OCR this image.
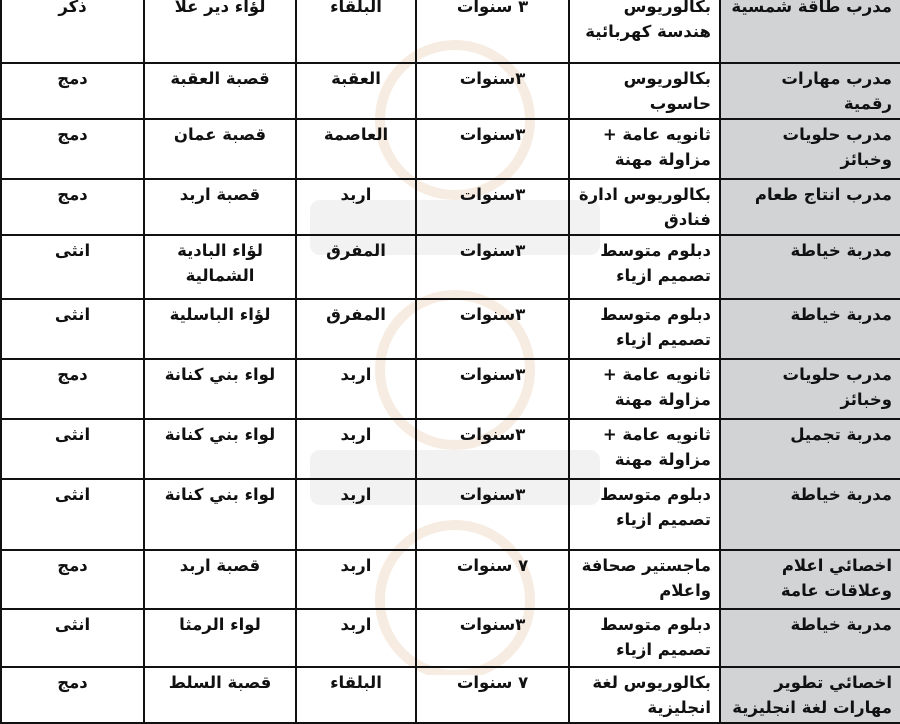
مدرب طاقة شمسية	بكالوريوس هندسة كهربائية	٣ سنوات	البلقاء	لؤاء دير علا	ذكر
مدرب مهارات رقمية	بكالوريوس حاسوب	٣سنوات	العقبة	قصبة العقبة	دمج
مدرب حلويات وخبائز	ثانويه عامة + مزاولة مهنة	٣سنوات	العاصمة	قصبة عمان	دمج
مدرب انتاج طعام	بكالوريوس ادارة فنادق	٣سنوات	اربد	قصبة اربد	دمج
مدربة خياطة	دبلوم متوسط تصميم ازياء	٣سنوات	المفرق	لؤاء البادية الشمالية	انثى
مدربة خياطة	دبلوم متوسط تصميم ازياء	٣سنوات	المفرق	لؤاء الباسلية	انثى
مدرب حلويات وخبائز	ثانويه عامة + مزاولة مهنة	٣سنوات	اربد	لواء بني كنانة	دمج
مدربة تجميل	ثانويه عامة + مزاولة مهنة	٣سنوات	اربد	لواء بني كنانة	انثى
مدربة خياطة	دبلوم متوسط تصميم ازياء	٣سنوات	اربد	لواء بني كنانة	انثى
اخصائي اعلام وعلاقات عامة	ماجستير صحافة واعلام	٧ سنوات	اربد	قصبة اربد	دمج
مدربة خياطة	دبلوم متوسط تصميم ازياء	٣سنوات	اربد	لواء الرمثا	انثى
اخصائي تطوير مهارات لغة انجليزية	بكالوريوس لغة انجليزية	٧ سنوات	البلقاء	قصبة السلط	دمج
